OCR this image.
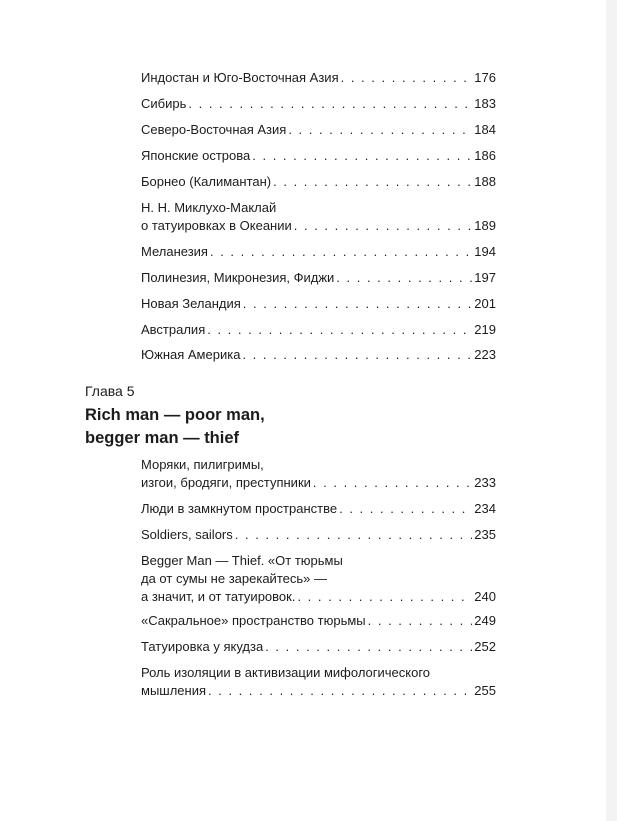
Индостан и Юго-Восточная Азия . . .	176
Сибирь . . .	183
Северо-Восточная Азия . . .	184
Японские острова . . .	186
Борнео (Калимантан) . . .	188
Н. Н. Миклухо-Маклай
о татуировках в Океании . . .	189
Меланезия . . .	194
Полинезия, Микронезия, Фиджи . . .	197
Новая Зеландия . . .	201
Австралия . . .	219
Южная Америка . . .	223
Моряки, пилигримы,
изгои, бродяги, преступники . . .	233
Люди в замкнутом пространстве . . .	234
Soldiers, sailors . . .	235
Begger Man — Thief. «От тюрьмы
да от сумы не зарекайтесь» —
а значит, и от татуировок. . . .	240
«Сакральное» пространство тюрьмы . . .	249
Татуировка у якудза . . .	252
Роль изоляции в активизации мифологического
мышления . . .	255
Глава 5
Rich man — poor man,
begger man — thief
